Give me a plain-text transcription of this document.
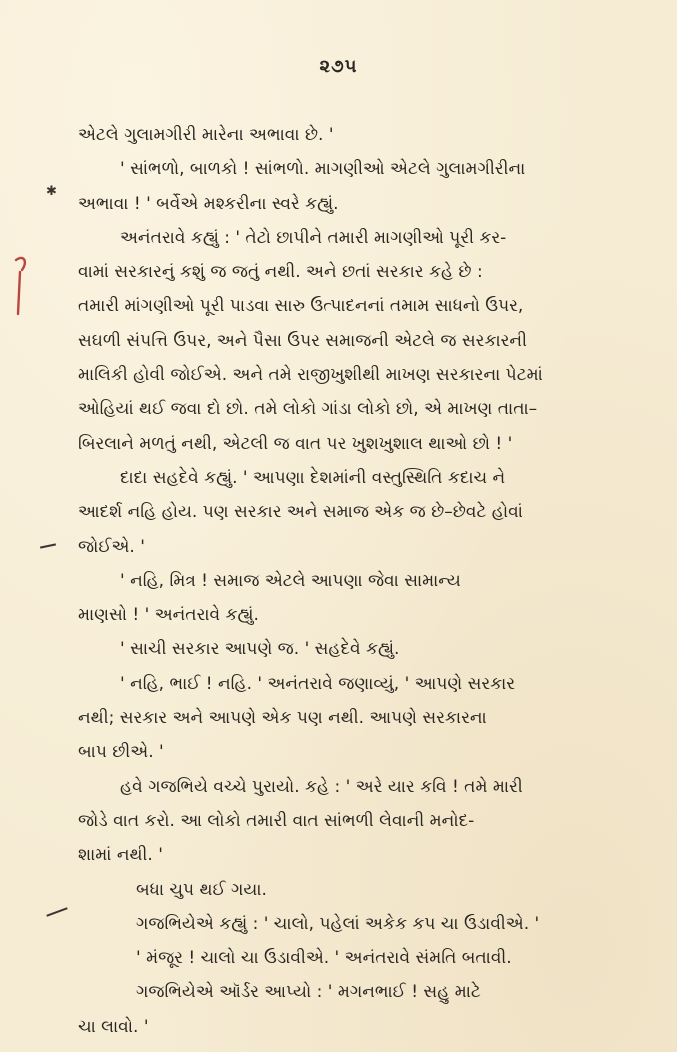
૨૭૫
✱
એટલે ગુલામગીરી મારેના અભાવા છે. '
' સાંભળો, બાળકો ! સાંભળો. માગણીઓ એટલે ગુલામગીરીના
અભાવા ! ' બર્વેએ મશ્કરીના સ્વરે કહ્યું.
અનંતરાવે કહ્યું : ' તેટો છાપીને તમારી માગણીઓ પૂરી કર-
વામાં સરકારનું કશું જ જતું નથી. અને છતાં સરકાર કહે છે :
તમારી માંગણીઓ પૂરી પાડવા સારુ ઉત્પાદનનાં તમામ સાધનો ઉપર,
સઘળી સંપત્તિ ઉપર, અને પૈસા ઉપર સમાજની એટલે જ સરકારની
માલિકી હોવી જોઈએ. અને તમે રાજીખુશીથી માખણ સરકારના પેટમાં
ઓહિયાં થઈ જવા દો છો. તમે લોકો ગાંડા લોકો છો, એ માખણ તાતા–
બિરલાને મળતું નથી, એટલી જ વાત પર ખુશખુશાલ થાઓ છો ! '
દાદા સહદેવે કહ્યું. ' આપણા દેશમાંની વસ્તુસ્થિતિ કદાચ ને
આદર્શ નહિ હોય. પણ સરકાર અને સમાજ એક જ છે–છેવટે હોવાં
જોઈએ. '
' નહિ, મિત્ર ! સમાજ એટલે આપણા જેવા સામાન્ય
માણસો ! ' અનંતરાવે કહ્યું.
' સાચી સરકાર આપણે જ. ' સહદેવે કહ્યું.
' નહિ, ભાઈ ! નહિ. ' અનંતરાવે જણાવ્યું, ' આપણે સરકાર
નથી; સરકાર અને આપણે એક પણ નથી. આપણે સરકારના
બાપ છીએ. '
હવે ગજભિયે વચ્ચે પુરાયો. કહે : ' અરે યાર કવિ ! તમે મારી
જોડે વાત કરો. આ લોકો તમારી વાત સાંભળી લેવાની મનોદ-
શામાં નથી. '
બધા ચુપ થઈ ગયા.
ગજભિયેએ કહ્યું : ' ચાલો, પહેલાં અકેક કપ ચા ઉડાવીએ. '
' મંજૂર ! ચાલો ચા ઉડાવીએ. ' અનંતરાવે સંમતિ બતાવી.
ગજભિયેએ ઑર્ડર આપ્યો : ' મગનભાઈ ! સહુ માટે
ચા લાવો. '
